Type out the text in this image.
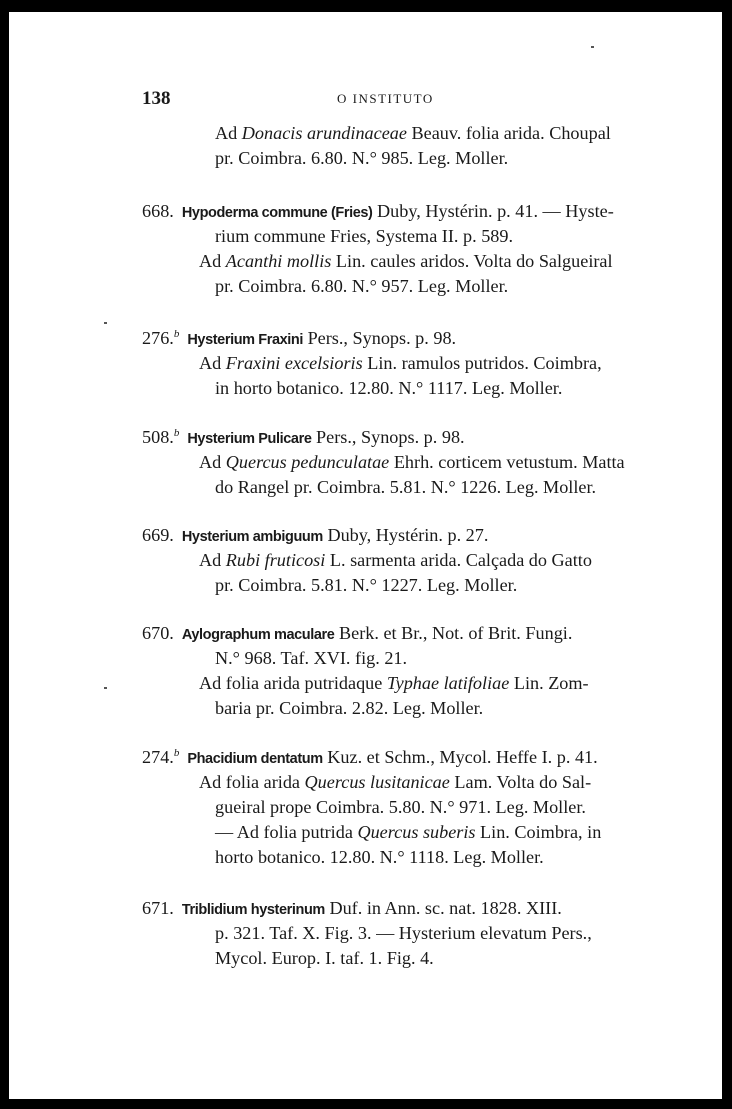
138	O INSTITUTO
Ad Donacis arundinaceae Beauv. folia arida. Choupal
pr. Coimbra. 6.80. N.° 985. Leg. Moller.
668. Hypoderma commune (Fries) Duby, Hystérin. p. 41. — Hyste-
rium commune Fries, Systema II. p. 589.
Ad Acanthi mollis Lin. caules aridos. Volta do Salgueiral
pr. Coimbra. 6.80. N.° 957. Leg. Moller.
276.$^b$ Hysterium Fraxini Pers., Synops. p. 98.
Ad Fraxini excelsioris Lin. ramulos putridos. Coimbra,
in horto botanico. 12.80. N.° 1117. Leg. Moller.
508.$^b$ Hysterium Pulicare Pers., Synops. p. 98.
Ad Quercus pedunculatae Ehrh. corticem vetustum. Matta
do Rangel pr. Coimbra. 5.81. N.° 1226. Leg. Moller.
669. Hysterium ambiguum Duby, Hystérin. p. 27.
Ad Rubi fruticosi L. sarmenta arida. Calçada do Gatto
pr. Coimbra. 5.81. N.° 1227. Leg. Moller.
670. Aylographum maculare Berk. et Br., Not. of Brit. Fungi.
N.° 968. Taf. XVI. fig. 21.
Ad folia arida putridaque Typhae latifoliae Lin. Zom-
baria pr. Coimbra. 2.82. Leg. Moller.
274.$^b$ Phacidium dentatum Kuz. et Schm., Mycol. Heffe I. p. 41.
Ad folia arida Quercus lusitanicae Lam. Volta do Sal-
gueiral prope Coimbra. 5.80. N.° 971. Leg. Moller.
— Ad folia putrida Quercus suberis Lin. Coimbra, in
horto botanico. 12.80. N.° 1118. Leg. Moller.
671. Triblidium hysterinum Duf. in Ann. sc. nat. 1828. XIII.
p. 321. Taf. X. Fig. 3. — Hysterium elevatum Pers.,
Mycol. Europ. I. taf. 1. Fig. 4.
